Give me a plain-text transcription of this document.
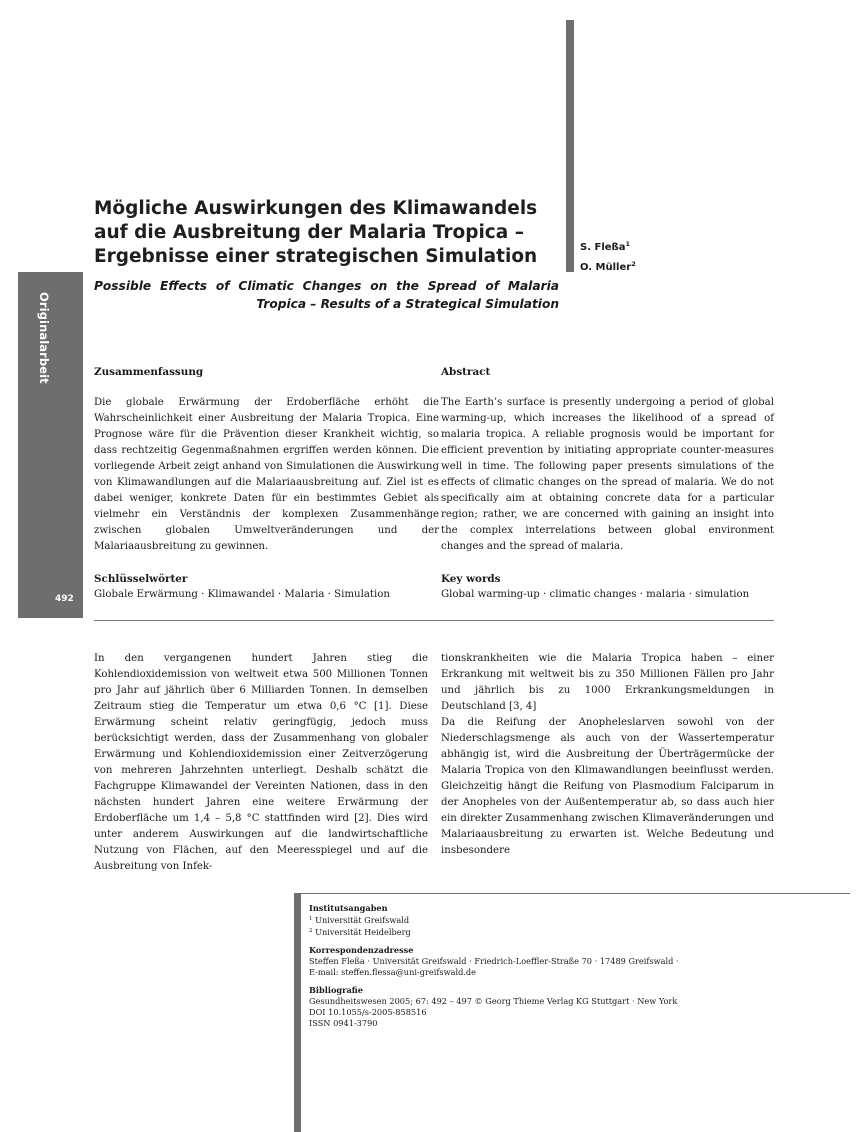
Mögliche Auswirkungen des Klimawandels auf die Ausbreitung der Malaria Tropica – Ergebnisse einer strategischen Simulation	S. Fleßa$^1$
O. Müller$^2$
Possible Effects of Climatic Changes on the Spread of Malaria Tropica – Results of a Strategical Simulation
Originalarbeit
492
Zusammenfassung
Die globale Erwärmung der Erdoberfläche erhöht die Wahrscheinlichkeit einer Ausbreitung der Malaria Tropica. Eine Prognose wäre für die Prävention dieser Krankheit wichtig, so dass rechtzeitig Gegenmaßnahmen ergriffen werden können. Die vorliegende Arbeit zeigt anhand von Simulationen die Auswirkung von Klimawandlungen auf die Malariaausbreitung auf. Ziel ist es dabei weniger, konkrete Daten für ein bestimmtes Gebiet als vielmehr ein Verständnis der komplexen Zusammenhänge zwischen globalen Umweltveränderungen und der Malariaausbreitung zu gewinnen.
Abstract
The Earth’s surface is presently undergoing a period of global warming-up, which increases the likelihood of a spread of malaria tropica. A reliable prognosis would be important for efficient prevention by initiating appropriate counter-measures well in time. The following paper presents simulations of the effects of climatic changes on the spread of malaria. We do not specifically aim at obtaining concrete data for a particular region; rather, we are concerned with gaining an insight into the complex interrelations between global environment changes and the spread of malaria.
Schlüsselwörter
Globale Erwärmung · Klimawandel · Malaria · Simulation
Key words
Global warming-up · climatic changes · malaria · simulation
In den vergangenen hundert Jahren stieg die Kohlendioxidemission von weltweit etwa 500 Millionen Tonnen pro Jahr auf jährlich über 6 Milliarden Tonnen. In demselben Zeitraum stieg die Temperatur um etwa 0,6 °C [1]. Diese Erwärmung scheint relativ geringfügig, jedoch muss berücksichtigt werden, dass der Zusammenhang von globaler Erwärmung und Kohlendioxidemission einer Zeitverzögerung von mehreren Jahrzehnten unterliegt. Deshalb schätzt die Fachgruppe Klimawandel der Vereinten Nationen, dass in den nächsten hundert Jahren eine weitere Erwärmung der Erdoberfläche um 1,4 – 5,8 °C stattfinden wird [2]. Dies wird unter anderem Auswirkungen auf die landwirtschaftliche Nutzung von Flächen, auf den Meeresspiegel und auf die Ausbreitung von Infek-
tionskrankheiten wie die Malaria Tropica haben – einer Erkrankung mit weltweit bis zu 350 Millionen Fällen pro Jahr und jährlich bis zu 1000 Erkrankungsmeldungen in Deutschland [3, 4]
Da die Reifung der Anopheleslarven sowohl von der Niederschlagsmenge als auch von der Wassertemperatur abhängig ist, wird die Ausbreitung der Überträgermücke der Malaria Tropica von den Klimawandlungen beeinflusst werden. Gleichzeitig hängt die Reifung von Plasmodium Falciparum in der Anopheles von der Außentemperatur ab, so dass auch hier ein direkter Zusammenhang zwischen Klimaveränderungen und Malariaausbreitung zu erwarten ist. Welche Bedeutung und insbesondere
Institutsangaben
$^1$ Universität Greifswald
$^2$ Universität Heidelberg
Korrespondenzadresse
Steffen Fleßa · Universität Greifswald · Friedrich-Loeffler-Straße 70 · 17489 Greifswald ·
E-mail: steffen.flessa@uni-greifswald.de
Bibliografie
Gesundheitswesen 2005; 67: 492 – 497 © Georg Thieme Verlag KG Stuttgart · New York
DOI 10.1055/s-2005-858516
ISSN 0941-3790
